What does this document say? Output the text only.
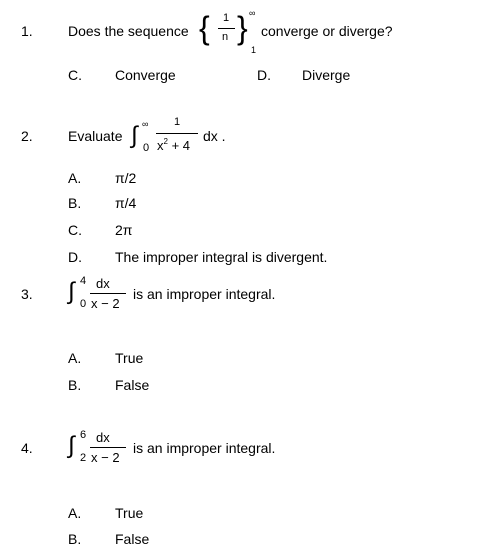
1.	Does the sequence { 1
n } ∞
1
converge or diverge?
C. Converge	D. Diverge
2.	Evaluate ∫ ∞
0
1
$x^2 + 4$
dx .
A. π/2
B. π/4
C. 2π
D. The improper integral is divergent.
3. ∫ 4
0
dx
x − 2
is an improper integral.
A. True
B. False
4. ∫ 6
2
dx
x − 2
is an improper integral.
A. True
B. False
